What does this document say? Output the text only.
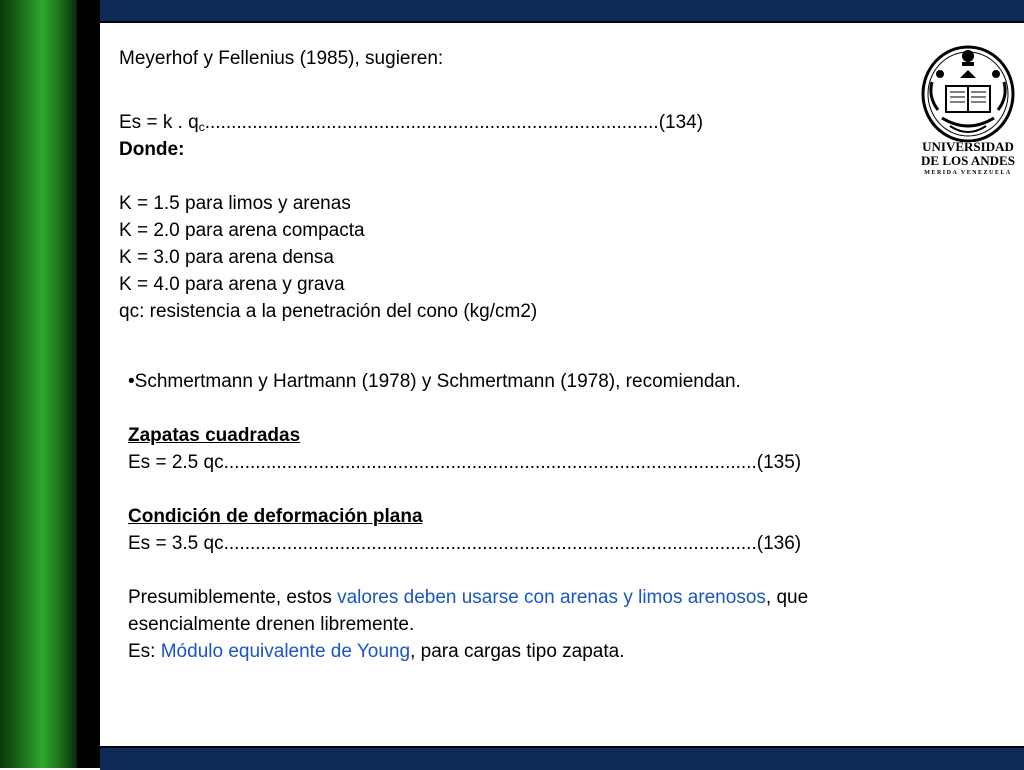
Meyerhof y Fellenius (1985), sugieren:
Es = k . $q_c......................................................................................(134)$
Donde:
K = 1.5 para limos y arenas
K = 2.0 para arena compacta
K = 3.0 para arena densa
K = 4.0 para arena y grava
qc: resistencia a la penetración del cono (kg/cm2)
•Schmertmann y Hartmann (1978) y Schmertmann (1978), recomiendan.
Zapatas cuadradas
Es = 2.5 qc.....................................................................................................(135)
Condición de deformación plana
Es = 3.5 qc.....................................................................................................(136)
Presumiblemente, estos valores deben usarse con arenas y limos arenosos, que
esencialmente drenen libremente.
Es: Módulo equivalente de Young, para cargas tipo zapata.
UNIVERSIDAD
DE LOS ANDES
MERIDA VENEZUELA
